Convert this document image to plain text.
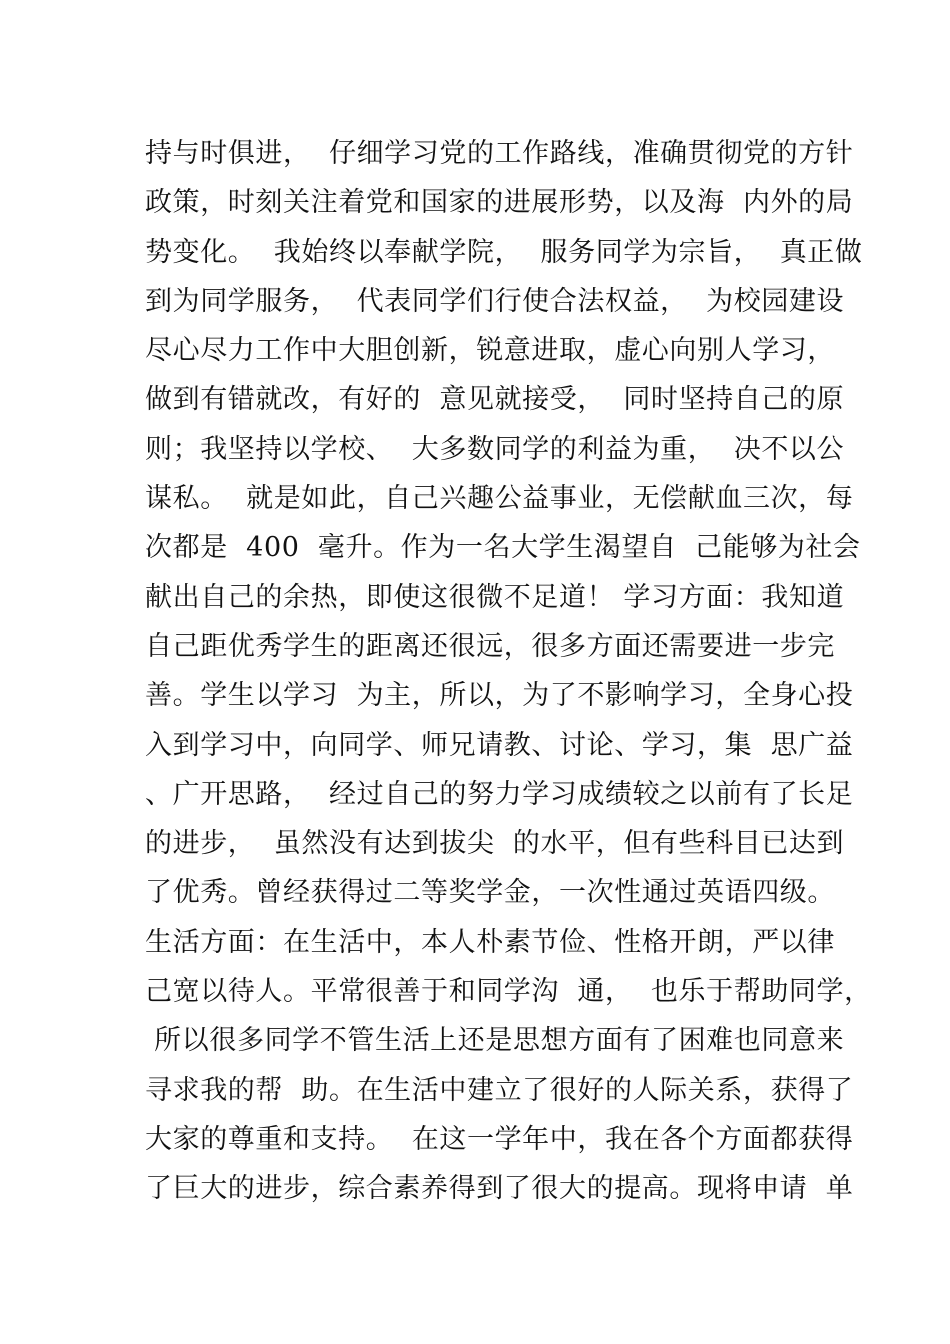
持与时俱进，  仔细学习党的工作路线，准确贯彻党的方针
政策，时刻关注着党和国家的进展形势，以及海  内外的局
势变化。  我始终以奉献学院，  服务同学为宗旨，  真正做
到为同学服务，  代表同学们行使合法权益，  为校园建设
尽心尽力工作中大胆创新，锐意进取，虚心向别人学习，
做到有错就改，有好的  意见就接受，  同时坚持自己的原
则；我坚持以学校、  大多数同学的利益为重，  决不以公
谋私。  就是如此，自己兴趣公益事业，无偿献血三次，每
次都是  400  毫升。作为一名大学生渴望自  己能够为社会
献出自己的余热，即使这很微不足道！ 学习方面：我知道
自己距优秀学生的距离还很远，很多方面还需要进一步完
善。学生以学习  为主，所以，为了不影响学习，全身心投
入到学习中，向同学、师兄请教、讨论、学习，集  思广益
、广开思路，  经过自己的努力学习成绩较之以前有了长足
的进步，  虽然没有达到拔尖  的水平，但有些科目已达到
了优秀。曾经获得过二等奖学金，一次性通过英语四级。
生活方面：在生活中，本人朴素节俭、性格开朗，严以律
己宽以待人。平常很善于和同学沟  通，  也乐于帮助同学，
所以很多同学不管生活上还是思想方面有了困难也同意来
寻求我的帮  助。在生活中建立了很好的人际关系，获得了
大家的尊重和支持。  在这一学年中，我在各个方面都获得
了巨大的进步，综合素养得到了很大的提高。现将申请  单
